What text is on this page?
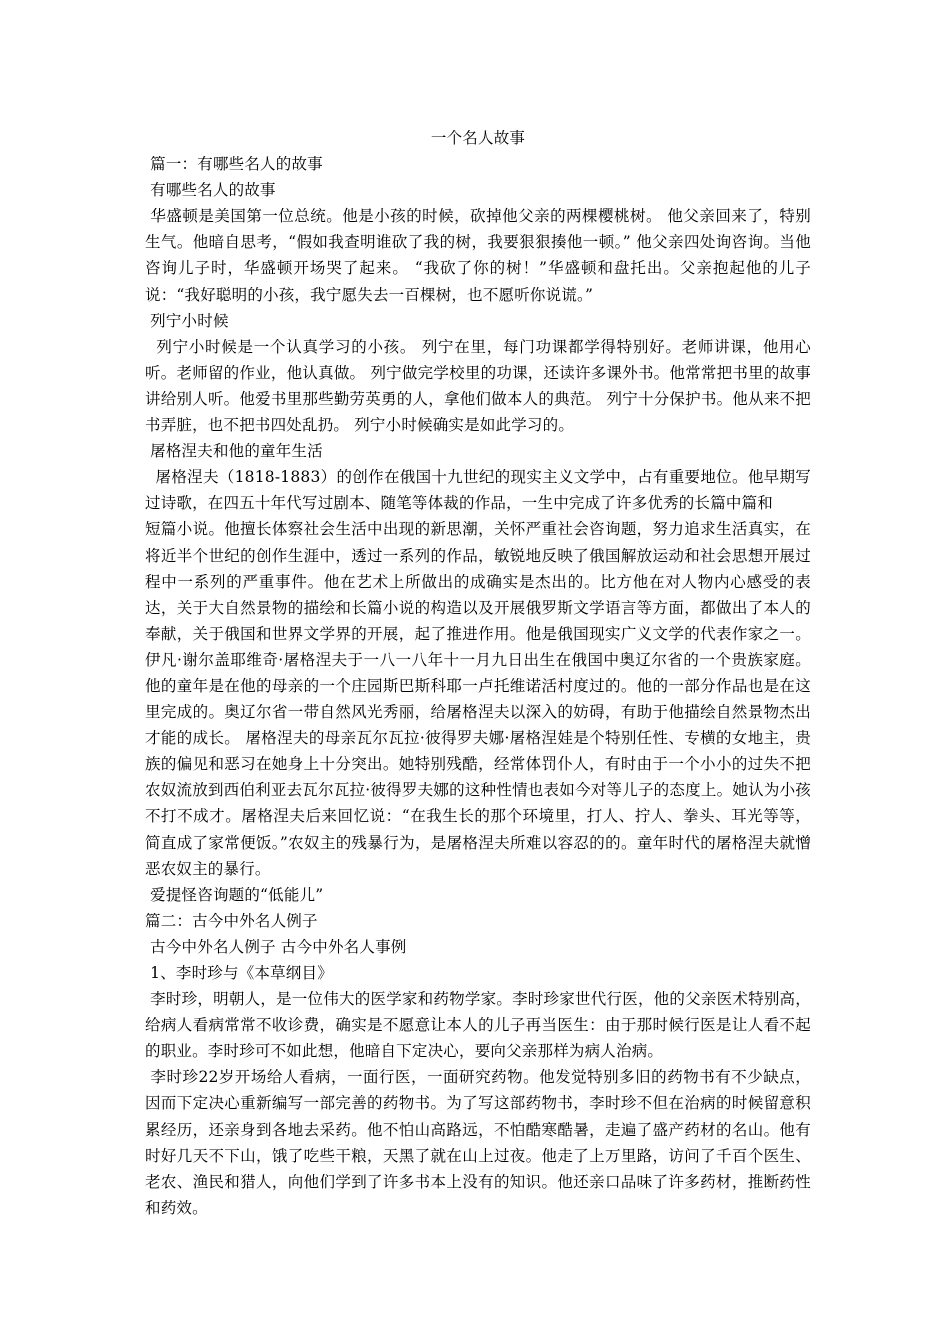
一个名人故事

篇一：有哪些名人的故事

有哪些名人的故事

华盛顿是美国第一位总统。他是小孩的时候，砍掉他父亲的两棵樱桃树。 他父亲回来了，特别生气。他暗自思考，“假如我查明谁砍了我的树，我要狠狠揍他一顿。” 他父亲四处询咨询。当他咨询儿子时，华盛顿开场哭了起来。 “我砍了你的树！”华盛顿和盘托出。父亲抱起他的儿子说：“我好聪明的小孩，我宁愿失去一百棵树，也不愿听你说谎。”

列宁小时候

列宁小时候是一个认真学习的小孩。 列宁在里，每门功课都学得特别好。老师讲课，他用心听。老师留的作业，他认真做。 列宁做完学校里的功课，还读许多课外书。他常常把书里的故事讲给别人听。他爱书里那些勤劳英勇的人，拿他们做本人的典范。 列宁十分保护书。他从来不把书弄脏，也不把书四处乱扔。 列宁小时候确实是如此学习的。

屠格涅夫和他的童年生活

屠格涅夫（1818-1883）的创作在俄国十九世纪的现实主义文学中，占有重要地位。他早期写过诗歌，在四五十年代写过剧本、随笔等体裁的作品，一生中完成了许多优秀的长篇中篇和

短篇小说。他擅长体察社会生活中出现的新思潮，关怀严重社会咨询题，努力追求生活真实，在将近半个世纪的创作生涯中，透过一系列的作品，敏锐地反映了俄国解放运动和社会思想开展过程中一系列的严重事件。他在艺术上所做出的成确实是杰出的。比方他在对人物内心感受的表达，关于大自然景物的描绘和长篇小说的构造以及开展俄罗斯文学语言等方面，都做出了本人的奉献，关于俄国和世界文学界的开展，起了推进作用。他是俄国现实广义文学的代表作家之一。 伊凡·谢尔盖耶维奇·屠格涅夫于一八一八年十一月九日出生在俄国中奥辽尔省的一个贵族家庭。他的童年是在他的母亲的一个庄园斯巴斯科耶一卢托维诺活村度过的。他的一部分作品也是在这里完成的。奥辽尔省一带自然风光秀丽，给屠格涅夫以深入的妨碍，有助于他描绘自然景物杰出才能的成长。 屠格涅夫的母亲瓦尔瓦拉·彼得罗夫娜·屠格涅娃是个特别任性、专横的女地主，贵族的偏见和恶习在她身上十分突出。她特别残酷，经常体罚仆人，有时由于一个小小的过失不把农奴流放到西伯利亚去瓦尔瓦拉·彼得罗夫娜的这种性情也表如今对等儿子的态度上。她认为小孩不打不成才。屠格涅夫后来回忆说：“在我生长的那个环境里，打人、拧人、拳头、耳光等等，简直成了家常便饭。”农奴主的残暴行为，是屠格涅夫所难以容忍的的。童年时代的屠格涅夫就憎恶农奴主的暴行。

爱提怪咨询题的“低能儿”

篇二：古今中外名人例子

古今中外名人例子 古今中外名人事例

1、李时珍与《本草纲目》

李时珍，明朝人，是一位伟大的医学家和药物学家。李时珍家世代行医，他的父亲医术特别高，给病人看病常常不收诊费，确实是不愿意让本人的儿子再当医生：由于那时候行医是让人看不起的职业。李时珍可不如此想，他暗自下定决心，要向父亲那样为病人治病。

李时珍22岁开场给人看病，一面行医，一面研究药物。他发觉特别多旧的药物书有不少缺点，因而下定决心重新编写一部完善的药物书。为了写这部药物书，李时珍不但在治病的时候留意积累经历，还亲身到各地去采药。他不怕山高路远，不怕酷寒酷暑，走遍了盛产药材的名山。他有时好几天不下山，饿了吃些干粮，天黑了就在山上过夜。他走了上万里路，访问了千百个医生、老农、渔民和猎人，向他们学到了许多书本上没有的知识。他还亲口品味了许多药材，推断药性和药效。
